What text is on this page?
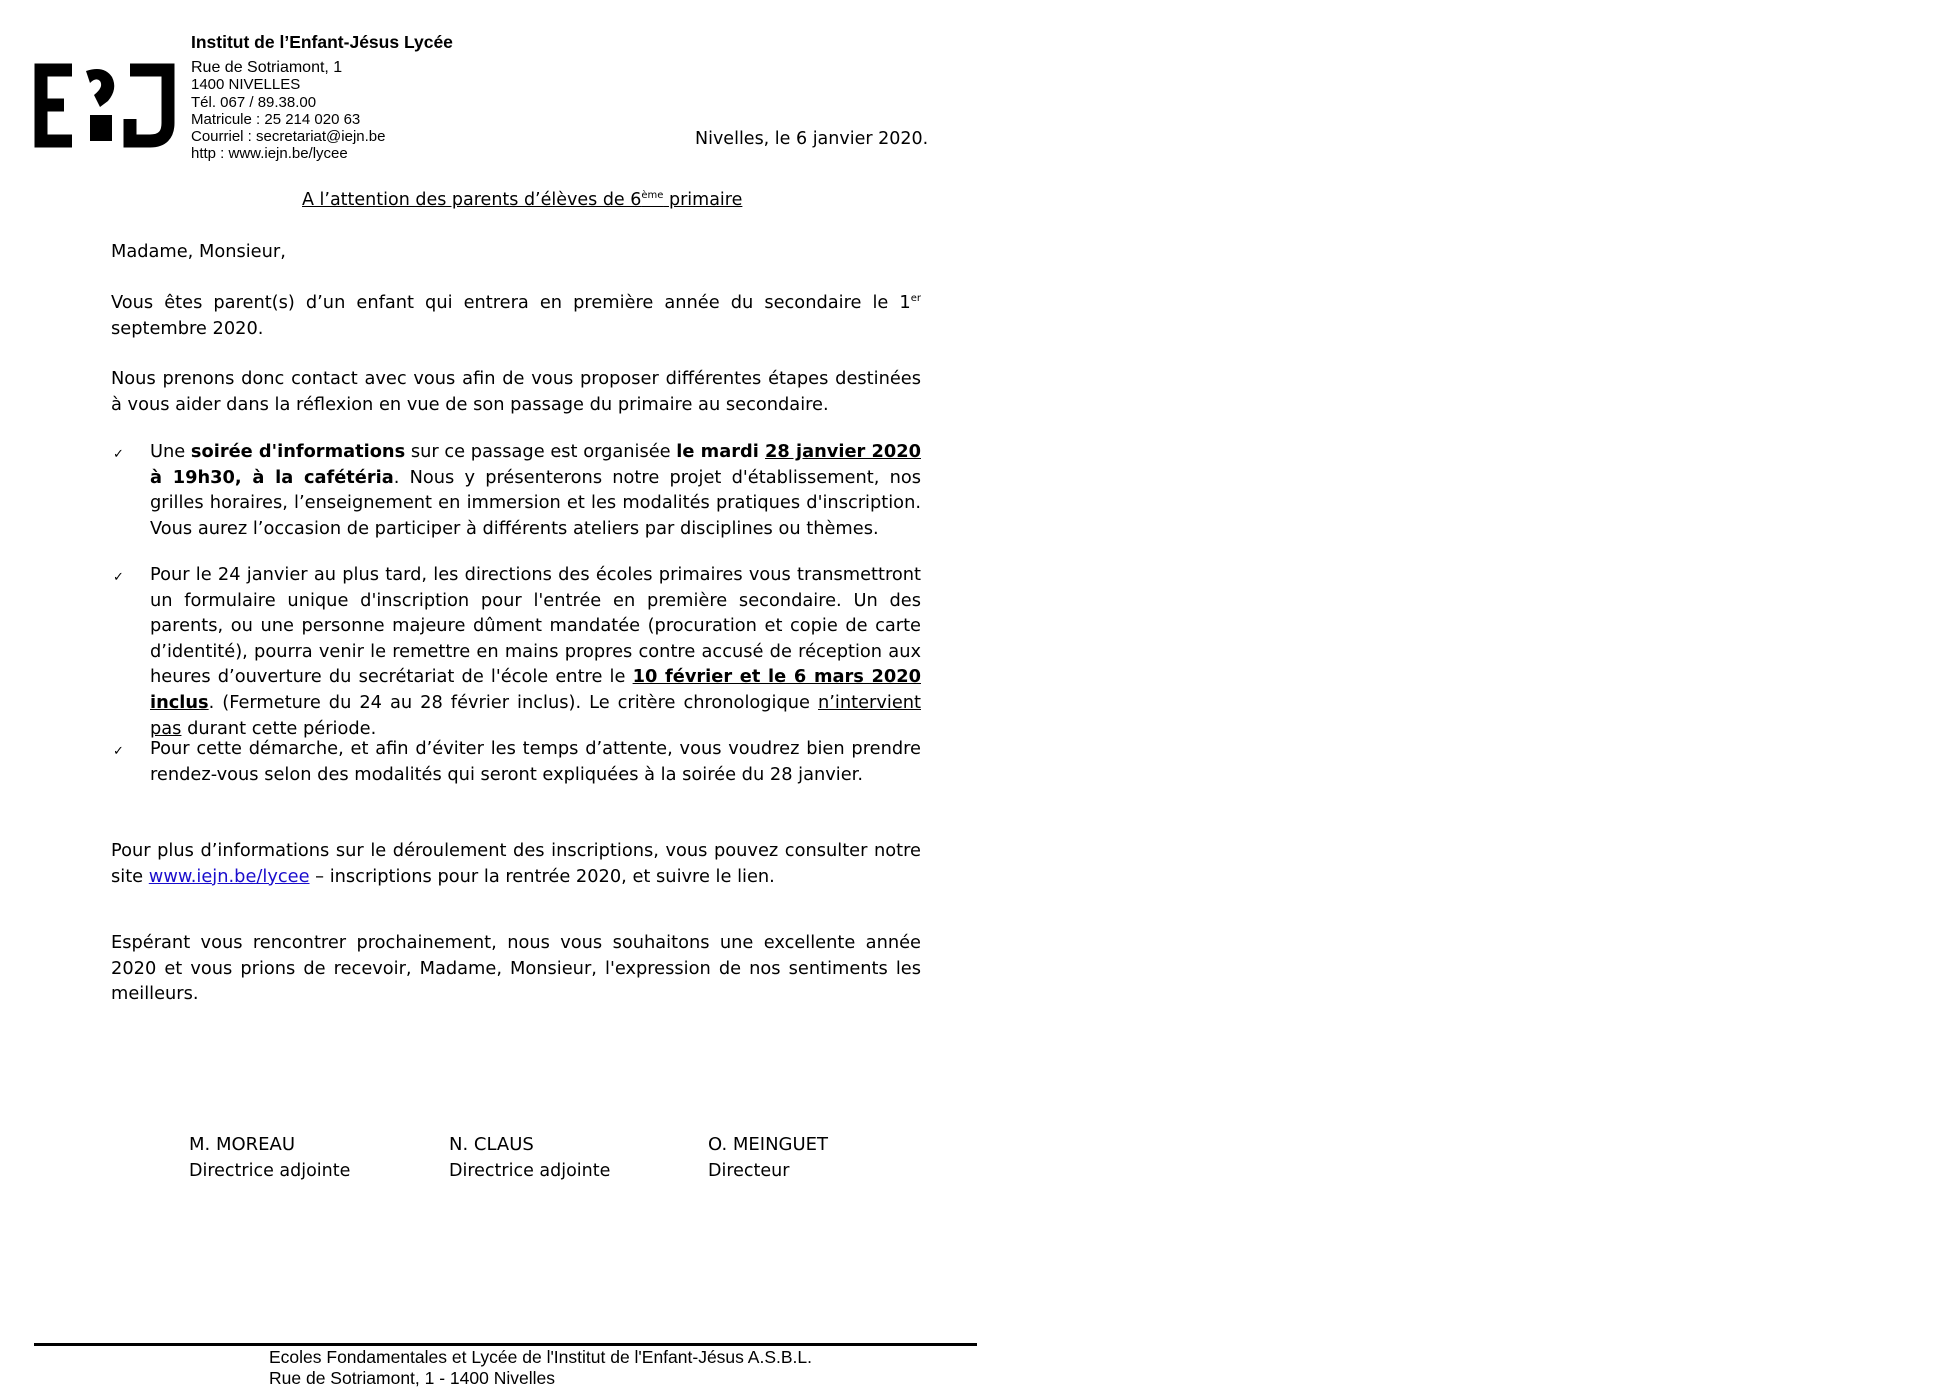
Institut de l’Enfant-Jésus Lycée
Rue de Sotriamont, 1
1400 NIVELLES
Tél. 067 / 89.38.00
Matricule : 25 214 020 63
Courriel : secretariat@iejn.be
http : www.iejn.be/lycee
Nivelles, le 6 janvier 2020.
A l’attention des parents d’élèves de 6ème primaire
Madame, Monsieur,
Vous êtes parent(s) d’un enfant qui entrera en première année du secondaire le 1er septembre 2020.
Nous prenons donc contact avec vous afin de vous proposer différentes étapes destinées à vous aider dans la réflexion en vue de son passage du primaire au secondaire.
✓ Une soirée d'informations sur ce passage est organisée le mardi 28 janvier 2020 à 19h30, à la cafétéria. Nous y présenterons notre projet d'établissement, nos grilles horaires, l’enseignement en immersion et les modalités pratiques d'inscription. Vous aurez l’occasion de participer à différents ateliers par disciplines ou thèmes.
✓ Pour le 24 janvier au plus tard, les directions des écoles primaires vous transmettront un formulaire unique d'inscription pour l'entrée en première secondaire. Un des parents, ou une personne majeure dûment mandatée (procuration et copie de carte d’identité), pourra venir le remettre en mains propres contre accusé de réception aux heures d’ouverture du secrétariat de l'école entre le 10 février et le 6 mars 2020 inclus. (Fermeture du 24 au 28 février inclus). Le critère chronologique n’intervient pas durant cette période.
✓ Pour cette démarche, et afin d’éviter les temps d’attente, vous voudrez bien prendre rendez-vous selon des modalités qui seront expliquées à la soirée du 28 janvier.
Pour plus d’informations sur le déroulement des inscriptions, vous pouvez consulter notre site www.iejn.be/lycee – inscriptions pour la rentrée 2020, et suivre le lien.
Espérant vous rencontrer prochainement, nous vous souhaitons une excellente année 2020 et vous prions de recevoir, Madame, Monsieur, l'expression de nos sentiments les meilleurs.
M. MOREAU
Directrice adjointe
N. CLAUS
Directrice adjointe
O. MEINGUET
Directeur
Ecoles Fondamentales et Lycée de l'Institut de l'Enfant-Jésus A.S.B.L.
Rue de Sotriamont, 1 - 1400 Nivelles
